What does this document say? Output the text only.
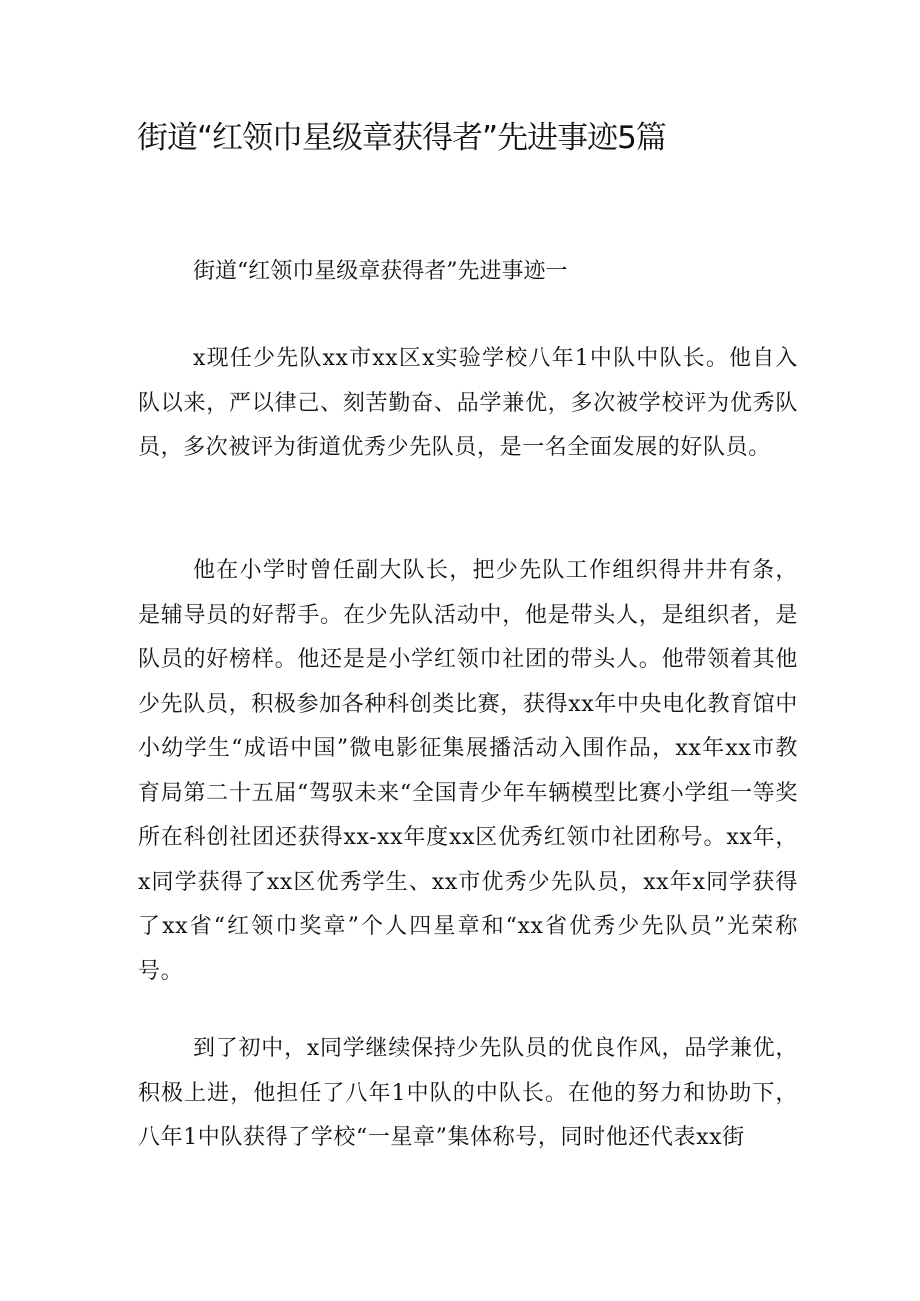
街道“红领巾星级章获得者”先进事迹5篇

街道“红领巾星级章获得者”先进事迹一

x现任少先队xx市xx区x实验学校八年1中队中队长。他自入队以来，严以律己、刻苦勤奋、品学兼优，多次被学校评为优秀队员，多次被评为街道优秀少先队员，是一名全面发展的好队员。

他在小学时曾任副大队长，把少先队工作组织得井井有条，是辅导员的好帮手。在少先队活动中，他是带头人，是组织者，是队员的好榜样。他还是是小学红领巾社团的带头人。他带领着其他少先队员，积极参加各种科创类比赛，获得xx年中央电化教育馆中小幼学生“成语中国”微电影征集展播活动入围作品，xx年xx市教育局第二十五届“驾驭未来“全国青少年车辆模型比赛小学组一等奖 所在科创社团还获得xx-xx年度xx区优秀红领巾社团称号。xx年，x同学获得了xx区优秀学生、xx市优秀少先队员，xx年x同学获得了xx省“红领巾奖章”个人四星章和“xx省优秀少先队员”光荣称号。

到了初中，x同学继续保持少先队员的优良作风，品学兼优，积极上进，他担任了八年1中队的中队长。在他的努力和协助下，八年1中队获得了学校“一星章”集体称号，同时他还代表xx街
